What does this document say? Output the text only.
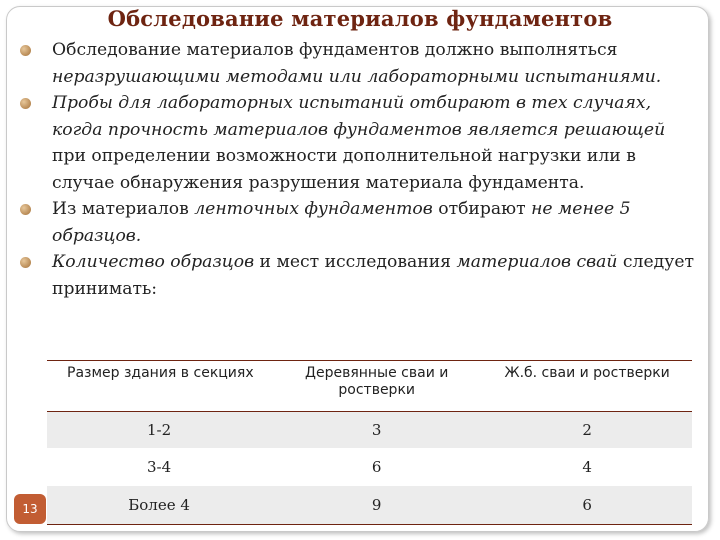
Обследование материалов фундаментов
Обследование материалов фундаментов должно выполняться неразрушающими методами или лабораторными испытаниями.
Пробы для лабораторных испытаний отбирают в тех случаях, когда прочность материалов фундаментов является решающей при определении возможности дополнительной нагрузки или в случае обнаружения разрушения материала фундамента.
Из материалов ленточных фундаментов отбирают не менее 5 образцов.
Количество образцов и мест исследования материалов свай следует принимать:
Размер здания в секциях	Деревянные сваи и ростверки	Ж.б. сваи и ростверки
1-2	3	2
3-4	6	4
Более 4	9	6
13
